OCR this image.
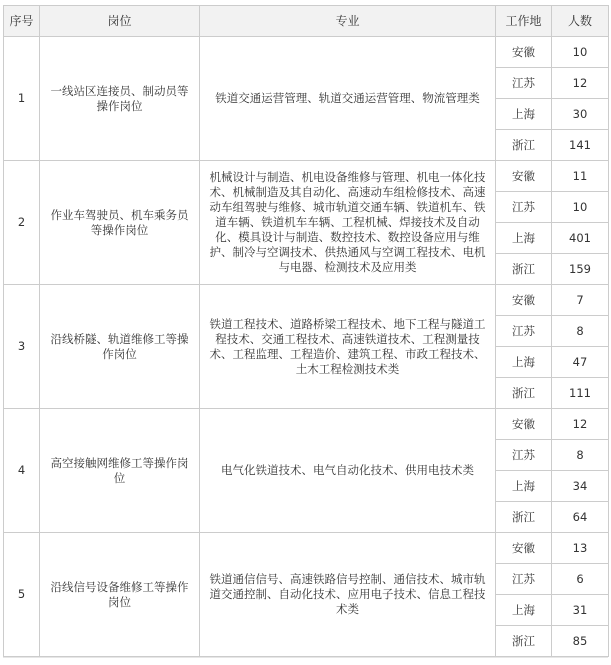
序号	岗位	专业	工作地	人数
1	一线站区连接员、制动员等操作岗位	铁道交通运营管理、轨道交通运营管理、物流管理类	安徽	10
			江苏	12
			上海	30
			浙江	141
2	作业车驾驶员、机车乘务员等操作岗位	机械设计与制造、机电设备维修与管理、机电一体化技术、机械制造及其自动化、高速动车组检修技术、高速动车组驾驶与维修、城市轨道交通车辆、铁道机车、铁道车辆、铁道机车车辆、工程机械、焊接技术及自动化、模具设计与制造、数控技术、数控设备应用与维护、制冷与空调技术、供热通风与空调工程技术、电机与电器、检测技术及应用类	安徽	11
			江苏	10
			上海	401
			浙江	159
3	沿线桥隧、轨道维修工等操作岗位	铁道工程技术、道路桥梁工程技术、地下工程与隧道工程技术、交通工程技术、高速铁道技术、工程测量技术、工程监理、工程造价、建筑工程、市政工程技术、土木工程检测技术类	安徽	7
			江苏	8
			上海	47
			浙江	111
4	高空接触网维修工等操作岗位	电气化铁道技术、电气自动化技术、供用电技术类	安徽	12
			江苏	8
			上海	34
			浙江	64
5	沿线信号设备维修工等操作岗位	铁道通信信号、高速铁路信号控制、通信技术、城市轨道交通控制、自动化技术、应用电子技术、信息工程技术类	安徽	13
			江苏	6
			上海	31
			浙江	85
